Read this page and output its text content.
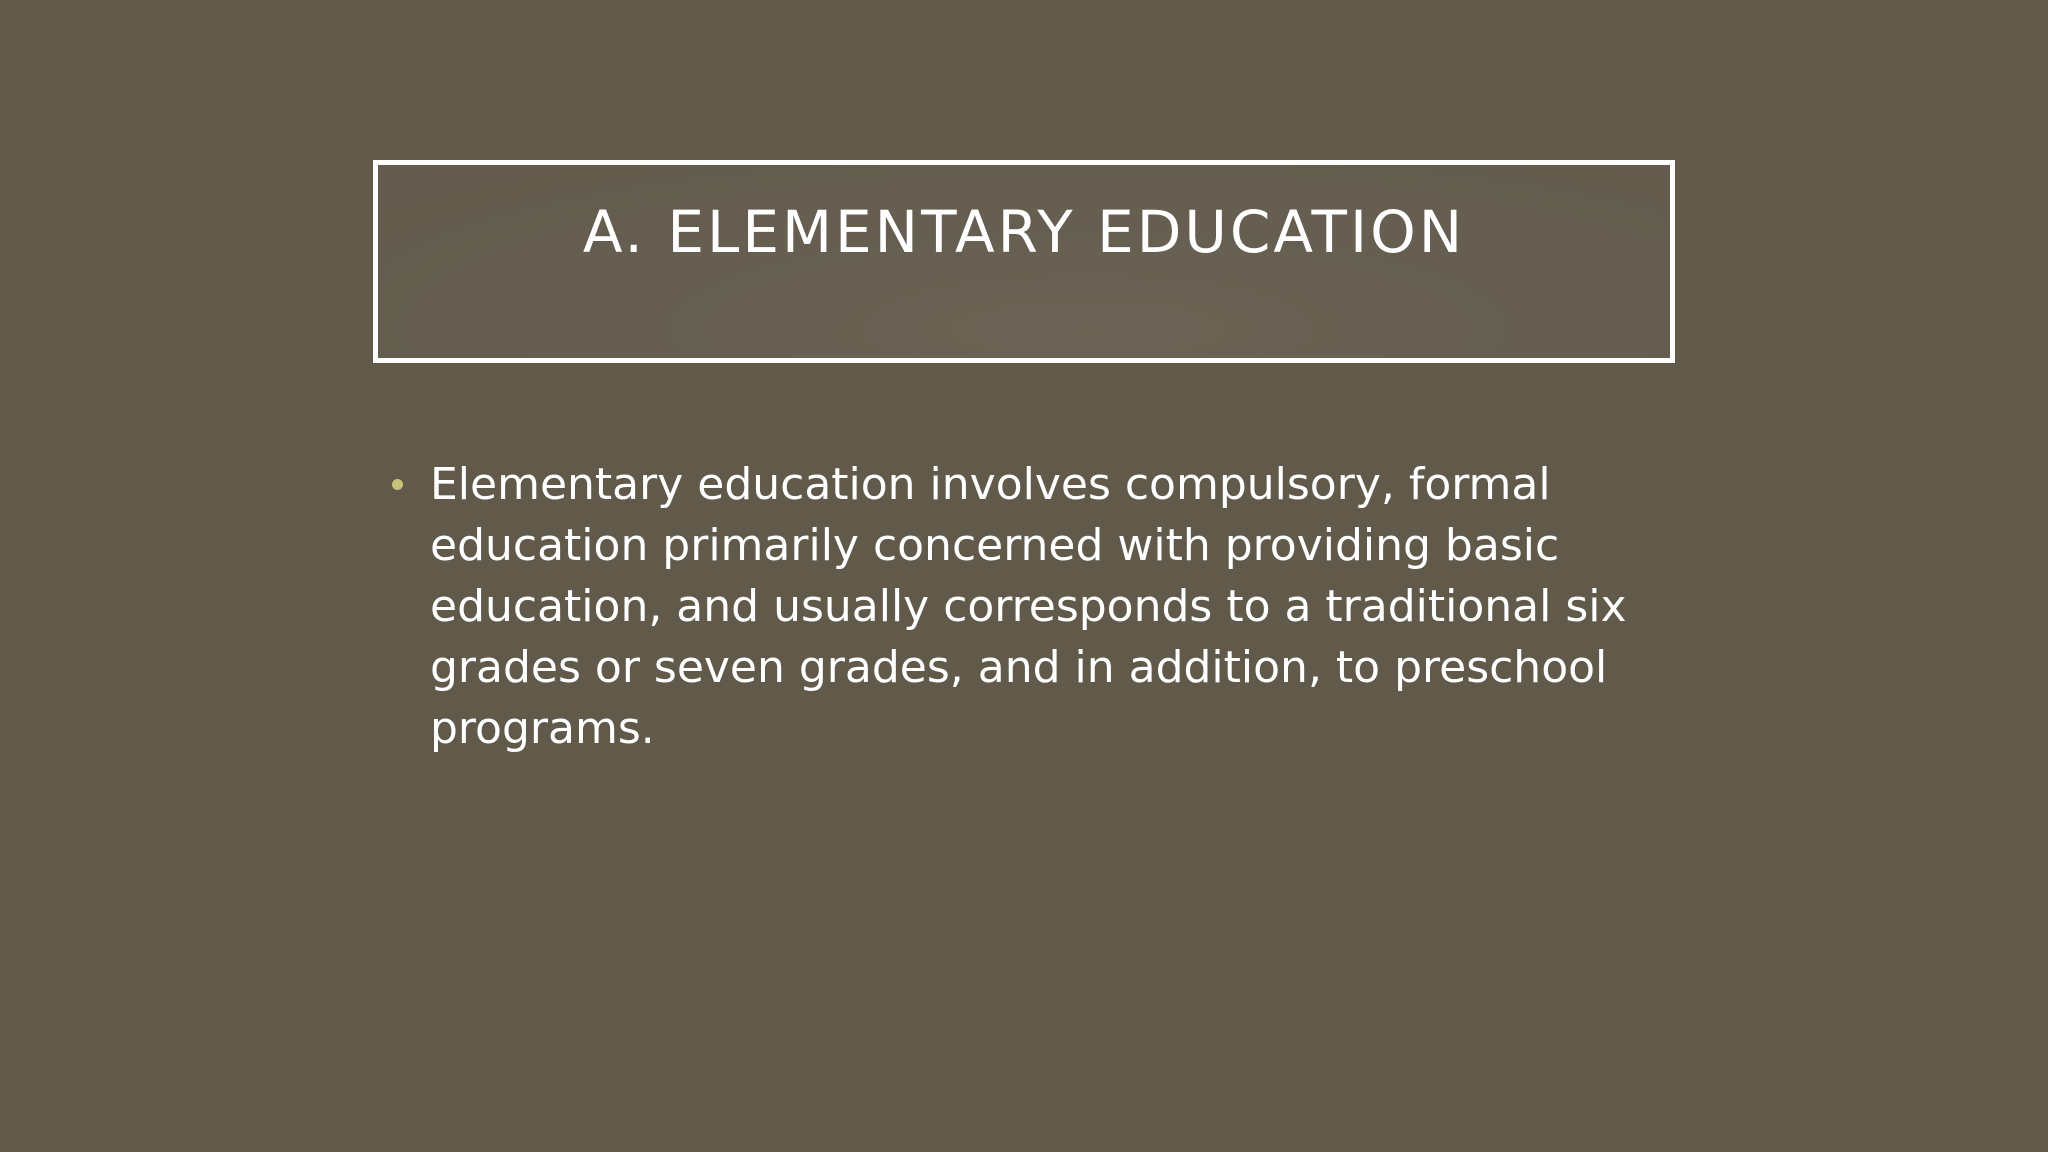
A. ELEMENTARY EDUCATION
Elementary education involves compulsory, formal
education primarily concerned with providing basic
education, and usually corresponds to a traditional six
grades or seven grades, and in addition, to preschool
programs.
